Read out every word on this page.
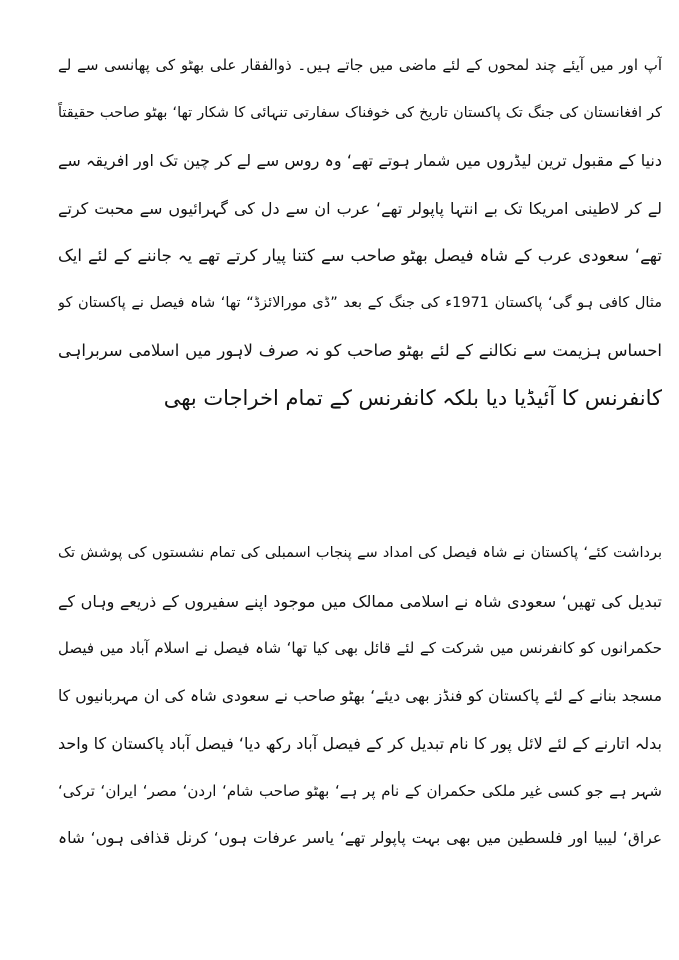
آپ اور میں آیئے چند لمحوں کے لئے ماضی میں جاتے ہیں۔ ذوالفقار علی بھٹو کی پھانسی سے لے
کر افغانستان کی جنگ تک پاکستان تاریخ کی خوفناک سفارتی تنہائی کا شکار تھا‘ بھٹو صاحب حقیقتاً
دنیا کے مقبول ترین لیڈروں میں شمار ہوتے تھے‘ وہ روس سے لے کر چین تک اور افریقہ سے
لے کر لاطینی امریکا تک بے انتہا پاپولر تھے‘ عرب ان سے دل کی گہرائیوں سے محبت کرتے
تھے‘ سعودی عرب کے شاہ فیصل بھٹو صاحب سے کتنا پیار کرتے تھے یہ جاننے کے لئے ایک
مثال کافی ہو گی‘ پاکستان 1971ء کی جنگ کے بعد ”ڈی مورالائزڈ“ تھا‘ شاہ فیصل نے پاکستان کو
احساس ہزیمت سے نکالنے کے لئے بھٹو صاحب کو نہ صرف لاہور میں اسلامی سربراہی
کانفرنس کا آئیڈیا دیا بلکہ کانفرنس کے تمام اخراجات بھی
برداشت کئے‘ پاکستان نے شاہ فیصل کی امداد سے پنجاب اسمبلی کی تمام نشستوں کی پوشش تک
تبدیل کی تھیں‘ سعودی شاہ نے اسلامی ممالک میں موجود اپنے سفیروں کے ذریعے وہاں کے
حکمرانوں کو کانفرنس میں شرکت کے لئے قائل بھی کیا تھا‘ شاہ فیصل نے اسلام آباد میں فیصل
مسجد بنانے کے لئے پاکستان کو فنڈز بھی دیئے‘ بھٹو صاحب نے سعودی شاہ کی ان مہربانیوں کا
بدلہ اتارنے کے لئے لائل پور کا نام تبدیل کر کے فیصل آباد رکھ دیا‘ فیصل آباد پاکستان کا واحد
شہر ہے جو کسی غیر ملکی حکمران کے نام پر ہے‘ بھٹو صاحب شام‘ اردن‘ مصر‘ ایران‘ ترکی‘
عراق‘ لیبیا اور فلسطین میں بھی بہت پاپولر تھے‘ یاسر عرفات ہوں‘ کرنل قذافی ہوں‘ شاہ
